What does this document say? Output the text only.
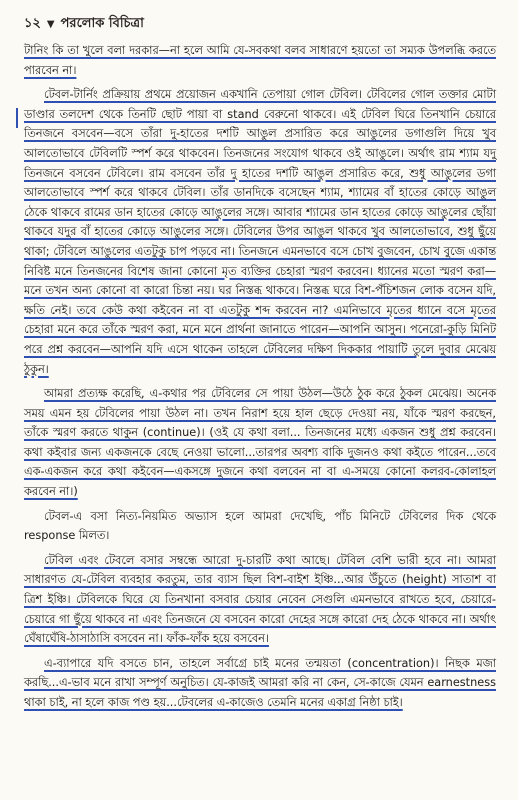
১২ ▼ পরলোক বিচিত্রা

টানিং কি তা খুলে বলা দরকার—না হলে আমি যে-সবকথা বলব সাধারণে হয়তো তা সম্যক উপলব্ধি করতে পারবেন না।

টেবল-টার্নিং প্রক্রিয়ায় প্রথমে প্রয়োজন একখানি তেপায়া গোল টেবিল। টেবিলের গোল তক্তার মোটা ডাণ্ডার তলদেশ থেকে তিনটি ছোট পায়া বা stand বেরুনো থাকবে। এই টেবিল ঘিরে তিনখানি চেয়ারে তিনজনে বসবেন—বসে তাঁরা দু-হাতের দশটি আঙুল প্রসারিত করে আঙুলের ডগাগুলি দিয়ে খুব আলতোভাবে টেবিলটি স্পর্শ করে থাকবেন। তিনজনের সংযোগ থাকবে ওই আঙুলে। অর্থাৎ রাম শ্যাম যদু তিনজনে বসবেন টেবিলে। রাম বসবেন তাঁর দু হাতের দশটি আঙুল প্রসারিত করে, শুধু আঙুলের ডগা আলতোভাবে স্পর্শ করে থাকবে টেবিল। তাঁর ডানদিকে বসেছেন শ্যাম, শ্যামের বাঁ হাতের কোড়ে আঙুল ঠেকে থাকবে রামের ডান হাতের কোড়ে আঙুলের সঙ্গে। আবার শ্যামের ডান হাতের কোড়ে আঙুলের ছোঁয়া থাকবে যদুর বাঁ হাতের কোড়ে আঙুলের সঙ্গে। টেবিলের উপর আঙুল থাকবে খুব আলতোভাবে, শুধু ছুঁয়ে থাকা; টেবিলে আঙুলের এতটুকু চাপ পড়বে না। তিনজনে এমনভাবে বসে চোখ বুজবেন, চোখ বুজে একান্ত নিবিষ্ট মনে তিনজনের বিশেষ জানা কোনো মৃত ব্যক্তির চেহারা স্মরণ করবেন। ধ্যানের মতো স্মরণ করা—মনে তখন অন্য কোনো বা কারো চিন্তা নয়। ঘর নিস্তব্ধ থাকবে। নিস্তব্ধ ঘরে বিশ-পঁচিশজন লোক বসেন যদি, ক্ষতি নেই। তবে কেউ কথা কইবেন না বা এতটুকু শব্দ করবেন না? এমনিভাবে মৃতের ধ্যানে বসে মৃতের চেহারা মনে করে তাঁকে স্মরণ করা, মনে মনে প্রার্থনা জানাতে পারেন—আপনি আসুন। পনেরো-কুড়ি মিনিট পরে প্রশ্ন করবেন—আপনি যদি এসে থাকেন তাহলে টেবিলের দক্ষিণ দিককার পায়াটি তুলে দুবার মেঝেয় ঠুকুন।

আমরা প্রত্যক্ষ করেছি, এ-কথার পর টেবিলের সে পায়া উঠল—উঠে ঠুক করে ঠুকল মেঝেয়। অনেক সময় এমন হয় টেবিলের পায়া উঠল না। তখন নিরাশ হয়ে হাল ছেড়ে দেওয়া নয়, যাঁকে স্মরণ করছেন, তাঁকে স্মরণ করতে থাকুন (continue)। (ওই যে কথা বলা... তিনজনের মধ্যে একজন শুধু প্রশ্ন করবেন। কথা কইবার জন্য একজনকে বেছে নেওয়া ভালো...তারপর অবশ্য বাকি দুজনও কথা কইতে পারেন...তবে এক-একজন করে কথা কইবেন—একসঙ্গে দুজনে কথা বলবেন না বা এ-সময়ে কোনো কলরব-কোলাহল করবেন না।)

টেবল-এ বসা নিত্য-নিয়মিত অভ্যাস হলে আমরা দেখেছি, পাঁচ মিনিটে টেবিলের দিক থেকে response মিলত।

টেবিল এবং টেবলে বসার সম্বন্ধে আরো দু-চারটি কথা আছে। টেবিল বেশি ভারী হবে না। আমরা সাধারণত যে-টেবিল ব্যবহার করতুম, তার ব্যাস ছিল বিশ-বাইশ ইঞ্চি...আর উঁচুতে (height) সাতাশ বা ত্রিশ ইঞ্চি। টেবিলকে ঘিরে যে তিনখানা বসবার চেয়ার নেবেন সেগুলি এমনভাবে রাখতে হবে, চেয়ারে-চেয়ারে গা ছুঁয়ে থাকবে না এবং তিনজনে যে বসবেন কারো দেহের সঙ্গে কারো দেহ ঠেকে থাকবে না। অর্থাৎ ঘেঁষাঘেঁষি-ঠাসাঠাসি বসবেন না। ফাঁক-ফাঁক হয়ে বসবেন।

এ-ব্যাপারে যদি বসতে চান, তাহলে সর্বাগ্রে চাই মনের তন্ময়তা (concentration)। নিছক মজা করছি...এ-ভাব মনে রাখা সম্পূর্ণ অনুচিত। যে-কাজই আমরা করি না কেন, সে-কাজে যেমন earnestness থাকা চাই, না হলে কাজ পণ্ড হয়...টেবলের এ-কাজেও তেমনি মনের একাগ্র নিষ্ঠা চাই।
